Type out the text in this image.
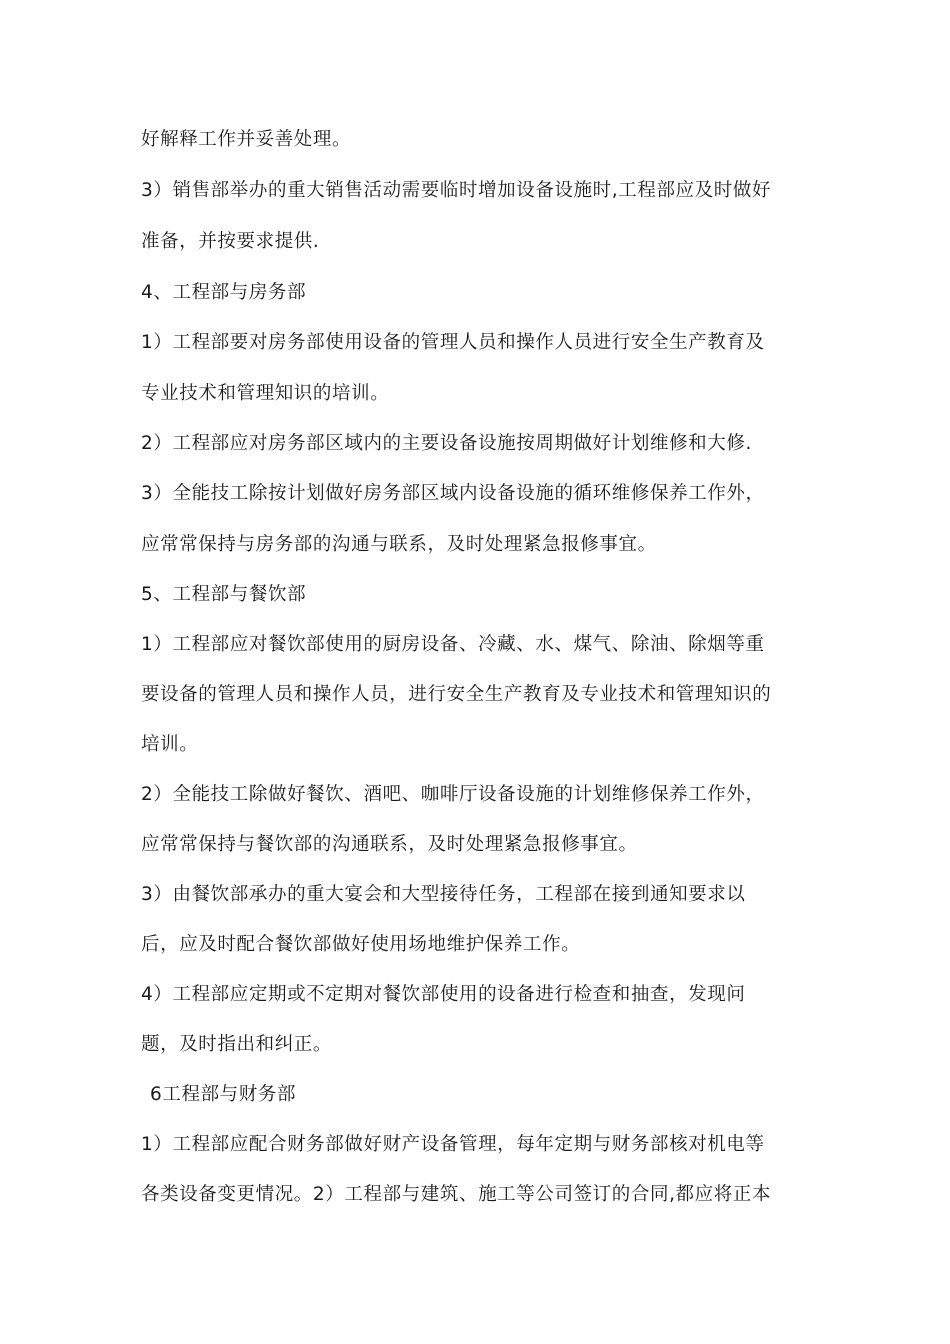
好解释工作并妥善处理。
3）销售部举办的重大销售活动需要临时增加设备设施时,工程部应及时做好
准备，并按要求提供.
4、工程部与房务部
1）工程部要对房务部使用设备的管理人员和操作人员进行安全生产教育及
专业技术和管理知识的培训。
2）工程部应对房务部区域内的主要设备设施按周期做好计划维修和大修.
3）全能技工除按计划做好房务部区域内设备设施的循环维修保养工作外，
应常常保持与房务部的沟通与联系，及时处理紧急报修事宜。
5、工程部与餐饮部
1）工程部应对餐饮部使用的厨房设备、冷藏、水、煤气、除油、除烟等重
要设备的管理人员和操作人员，进行安全生产教育及专业技术和管理知识的
培训。
2）全能技工除做好餐饮、酒吧、咖啡厅设备设施的计划维修保养工作外，
应常常保持与餐饮部的沟通联系，及时处理紧急报修事宜。
3）由餐饮部承办的重大宴会和大型接待任务，工程部在接到通知要求以
后，应及时配合餐饮部做好使用场地维护保养工作。
4）工程部应定期或不定期对餐饮部使用的设备进行检查和抽查，发现问
题，及时指出和纠正。
6工程部与财务部
1）工程部应配合财务部做好财产设备管理，每年定期与财务部核对机电等
各类设备变更情况。2）工程部与建筑、施工等公司签订的合同,都应将正本
